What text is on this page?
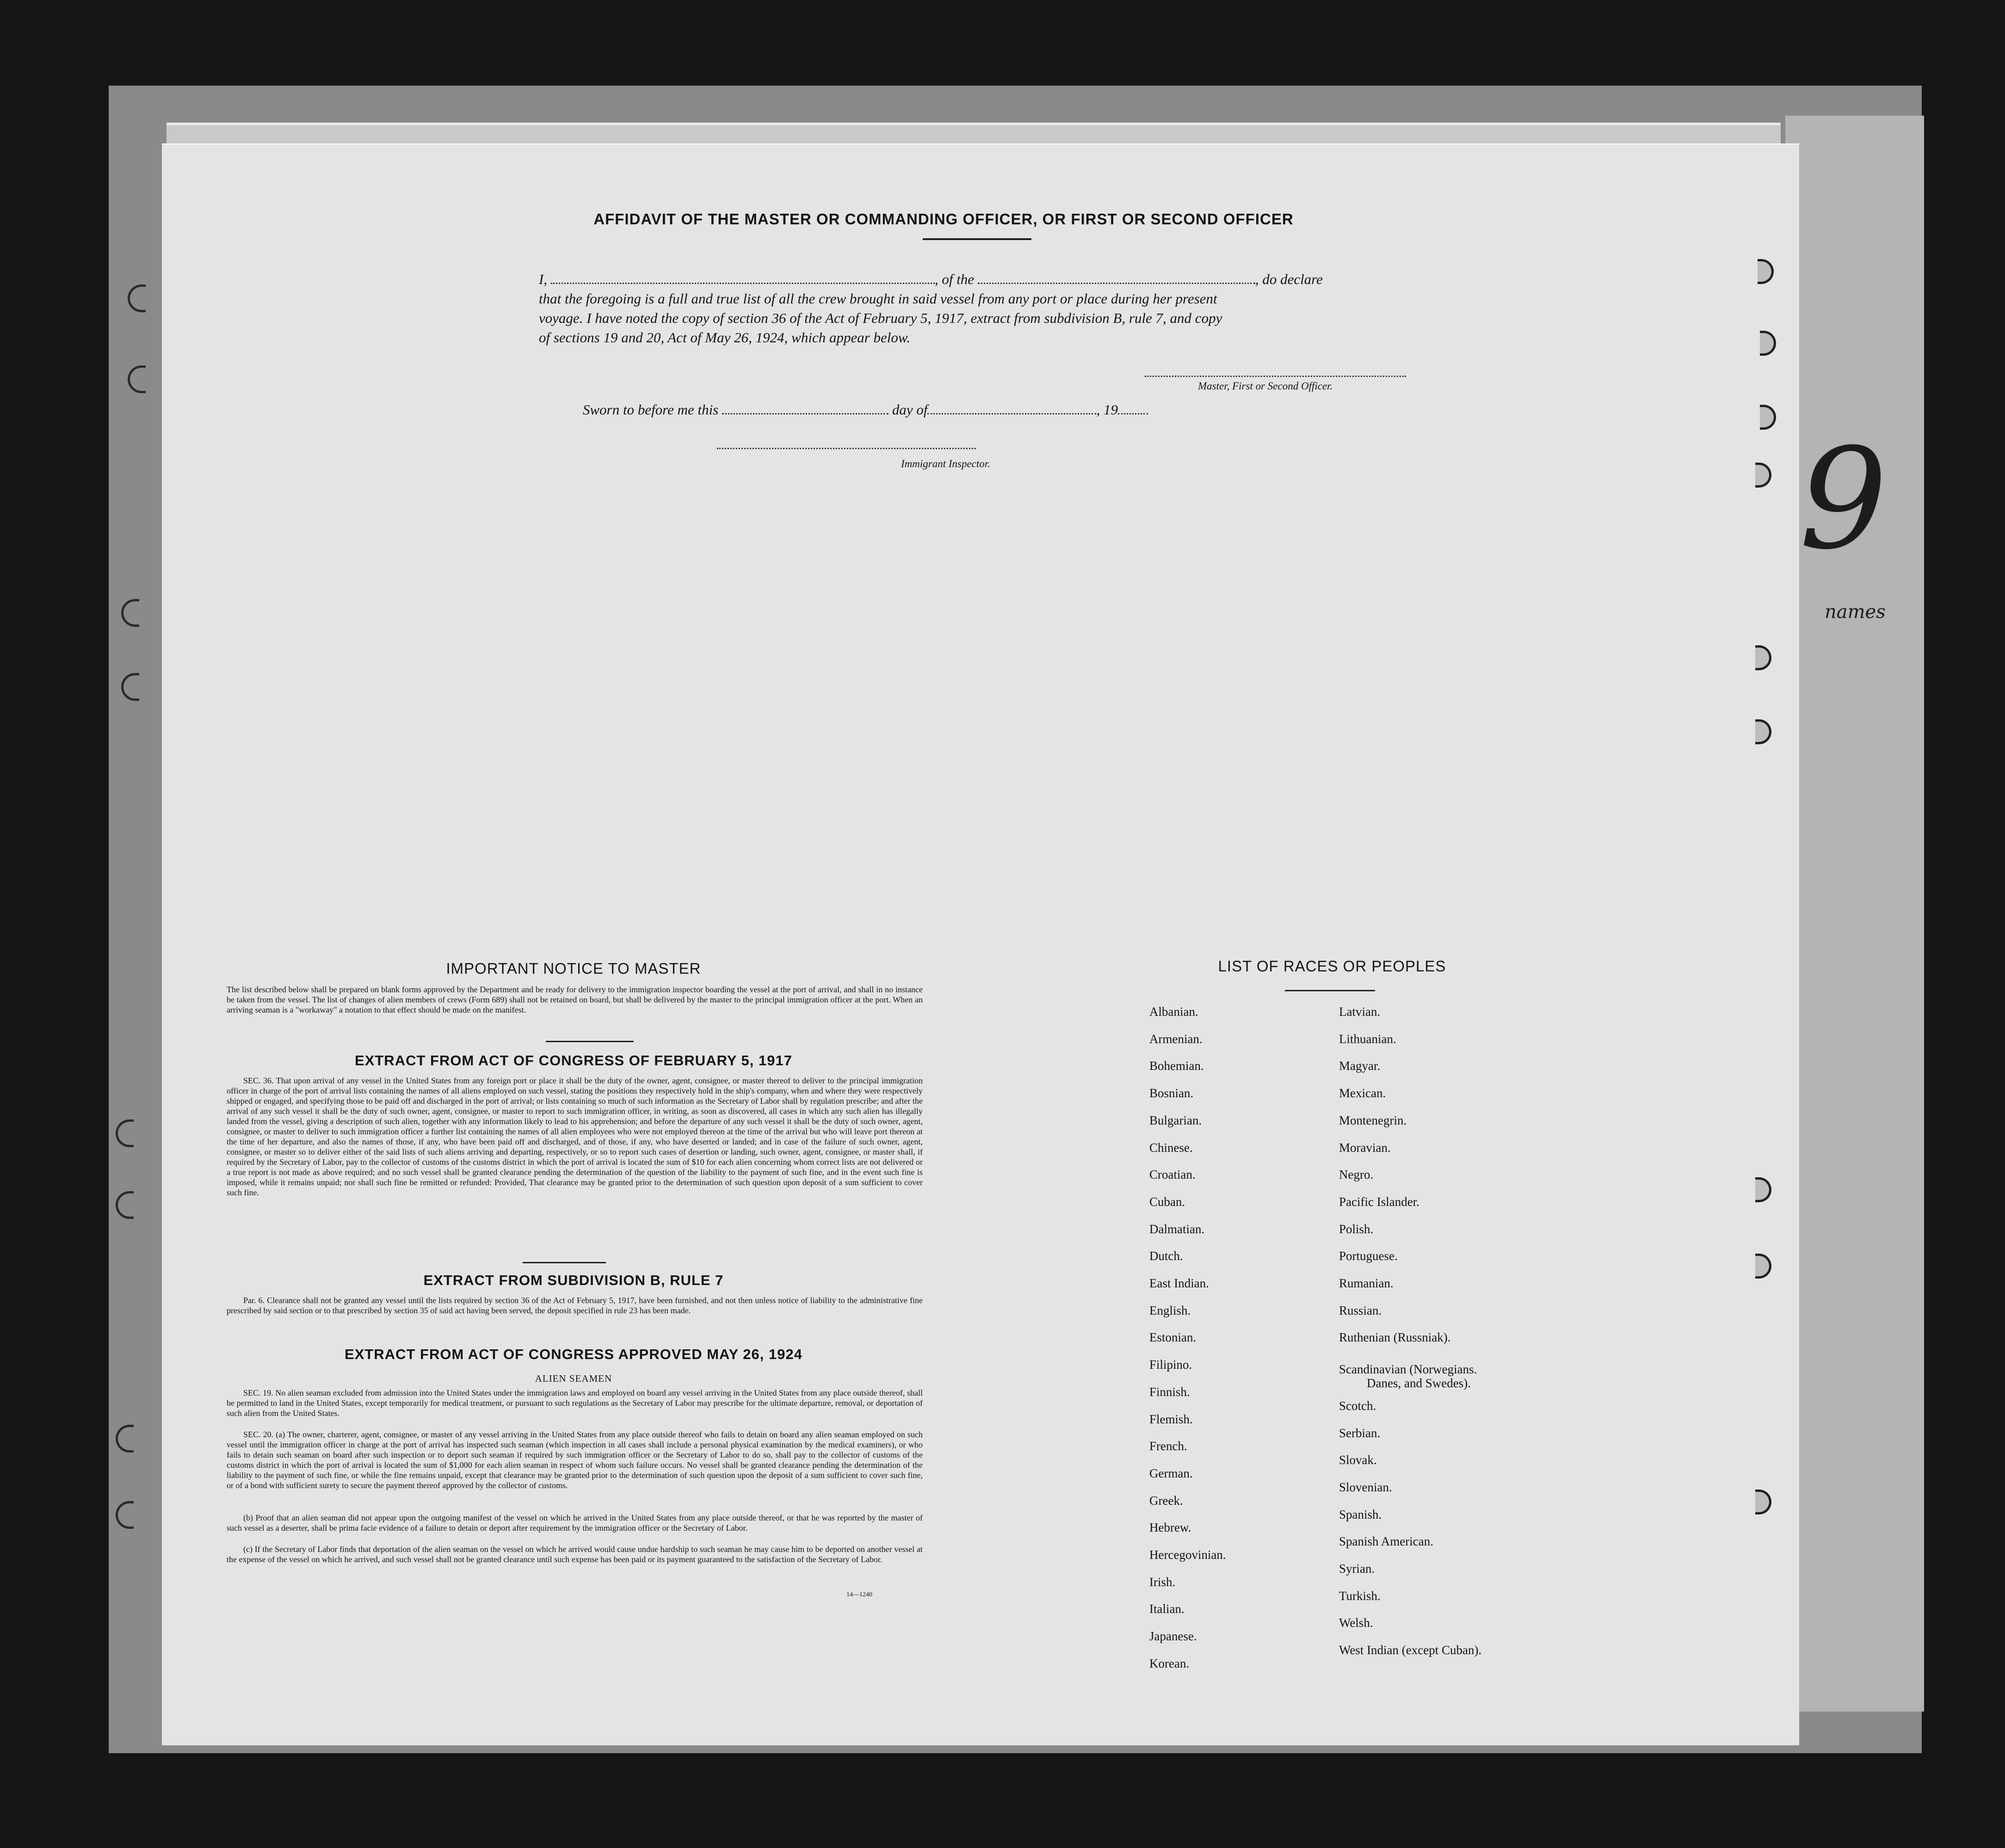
9
names
AFFIDAVIT OF THE MASTER OR COMMANDING OFFICER, OR FIRST OR SECOND OFFICER
I,	, of the	, do declare
that the foregoing is a full and true list of all the crew brought in said vessel from any port or place during her present
voyage. I have noted the copy of section 36 of the Act of February 5, 1917, extract from subdivision B, rule 7, and copy
of sections 19 and 20, Act of May 26, 1924, which appear below.
Master, First or Second Officer.
Sworn to before me this	day of	, 19
Immigrant Inspector.
IMPORTANT NOTICE TO MASTER
The list described below shall be prepared on blank forms approved by the Department and be ready for delivery to the immigration inspector boarding the vessel at the port of arrival, and shall in no instance be taken from the vessel. The list of changes of alien members of crews (Form 689) shall not be retained on board, but shall be delivered by the master to the principal immigration officer at the port. When an arriving seaman is a "workaway" a notation to that effect should be made on the manifest.
EXTRACT FROM ACT OF CONGRESS OF FEBRUARY 5, 1917
SEC. 36. That upon arrival of any vessel in the United States from any foreign port or place it shall be the duty of the owner, agent, consignee, or master thereof to deliver to the principal immigration officer in charge of the port of arrival lists containing the names of all aliens employed on such vessel, stating the positions they respectively hold in the ship's company, when and where they were respectively shipped or engaged, and specifying those to be paid off and discharged in the port of arrival; or lists containing so much of such information as the Secretary of Labor shall by regulation prescribe; and after the arrival of any such vessel it shall be the duty of such owner, agent, consignee, or master to report to such immigration officer, in writing, as soon as discovered, all cases in which any such alien has illegally landed from the vessel, giving a description of such alien, together with any information likely to lead to his apprehension; and before the departure of any such vessel it shall be the duty of such owner, agent, consignee, or master to deliver to such immigration officer a further list containing the names of all alien employees who were not employed thereon at the time of the arrival but who will leave port thereon at the time of her departure, and also the names of those, if any, who have been paid off and discharged, and of those, if any, who have deserted or landed; and in case of the failure of such owner, agent, consignee, or master so to deliver either of the said lists of such aliens arriving and departing, respectively, or so to report such cases of desertion or landing, such owner, agent, consignee, or master shall, if required by the Secretary of Labor, pay to the collector of customs of the customs district in which the port of arrival is located the sum of $10 for each alien concerning whom correct lists are not delivered or a true report is not made as above required; and no such vessel shall be granted clearance pending the determination of the question of the liability to the payment of such fine, and in the event such fine is imposed, while it remains unpaid; nor shall such fine be remitted or refunded: Provided, That clearance may be granted prior to the determination of such question upon deposit of a sum sufficient to cover such fine.
EXTRACT FROM SUBDIVISION B, RULE 7
Par. 6. Clearance shall not be granted any vessel until the lists required by section 36 of the Act of February 5, 1917, have been furnished, and not then unless notice of liability to the administrative fine prescribed by said section or to that prescribed by section 35 of said act having been served, the deposit specified in rule 23 has been made.
EXTRACT FROM ACT OF CONGRESS APPROVED MAY 26, 1924
ALIEN SEAMEN
SEC. 19. No alien seaman excluded from admission into the United States under the immigration laws and employed on board any vessel arriving in the United States from any place outside thereof, shall be permitted to land in the United States, except temporarily for medical treatment, or pursuant to such regulations as the Secretary of Labor may prescribe for the ultimate departure, removal, or deportation of such alien from the United States.
SEC. 20. (a) The owner, charterer, agent, consignee, or master of any vessel arriving in the United States from any place outside thereof who fails to detain on board any alien seaman employed on such vessel until the immigration officer in charge at the port of arrival has inspected such seaman (which inspection in all cases shall include a personal physical examination by the medical examiners), or who fails to detain such seaman on board after such inspection or to deport such seaman if required by such immigration officer or the Secretary of Labor to do so, shall pay to the collector of customs of the customs district in which the port of arrival is located the sum of $1,000 for each alien seaman in respect of whom such failure occurs. No vessel shall be granted clearance pending the determination of the liability to the payment of such fine, or while the fine remains unpaid, except that clearance may be granted prior to the determination of such question upon the deposit of a sum sufficient to cover such fine, or of a bond with sufficient surety to secure the payment thereof approved by the collector of customs.
(b) Proof that an alien seaman did not appear upon the outgoing manifest of the vessel on which he arrived in the United States from any place outside thereof, or that he was reported by the master of such vessel as a deserter, shall be prima facie evidence of a failure to detain or deport after requirement by the immigration officer or the Secretary of Labor.
(c) If the Secretary of Labor finds that deportation of the alien seaman on the vessel on which he arrived would cause undue hardship to such seaman he may cause him to be deported on another vessel at the expense of the vessel on which he arrived, and such vessel shall not be granted clearance until such expense has been paid or its payment guaranteed to the satisfaction of the Secretary of Labor.
14—1240
LIST OF RACES OR PEOPLES
Albanian.
Armenian.
Bohemian.
Bosnian.
Bulgarian.
Chinese.
Croatian.
Cuban.
Dalmatian.
Dutch.
East Indian.
English.
Estonian.
Filipino.
Finnish.
Flemish.
French.
German.
Greek.
Hebrew.
Hercegovinian.
Irish.
Italian.
Japanese.
Korean.
Latvian.
Lithuanian.
Magyar.
Mexican.
Montenegrin.
Moravian.
Negro.
Pacific Islander.
Polish.
Portuguese.
Rumanian.
Russian.
Ruthenian (Russniak).
Scandinavian (Norwegians.
Danes, and Swedes).
Scotch.
Serbian.
Slovak.
Slovenian.
Spanish.
Spanish American.
Syrian.
Turkish.
Welsh.
West Indian (except Cuban).
